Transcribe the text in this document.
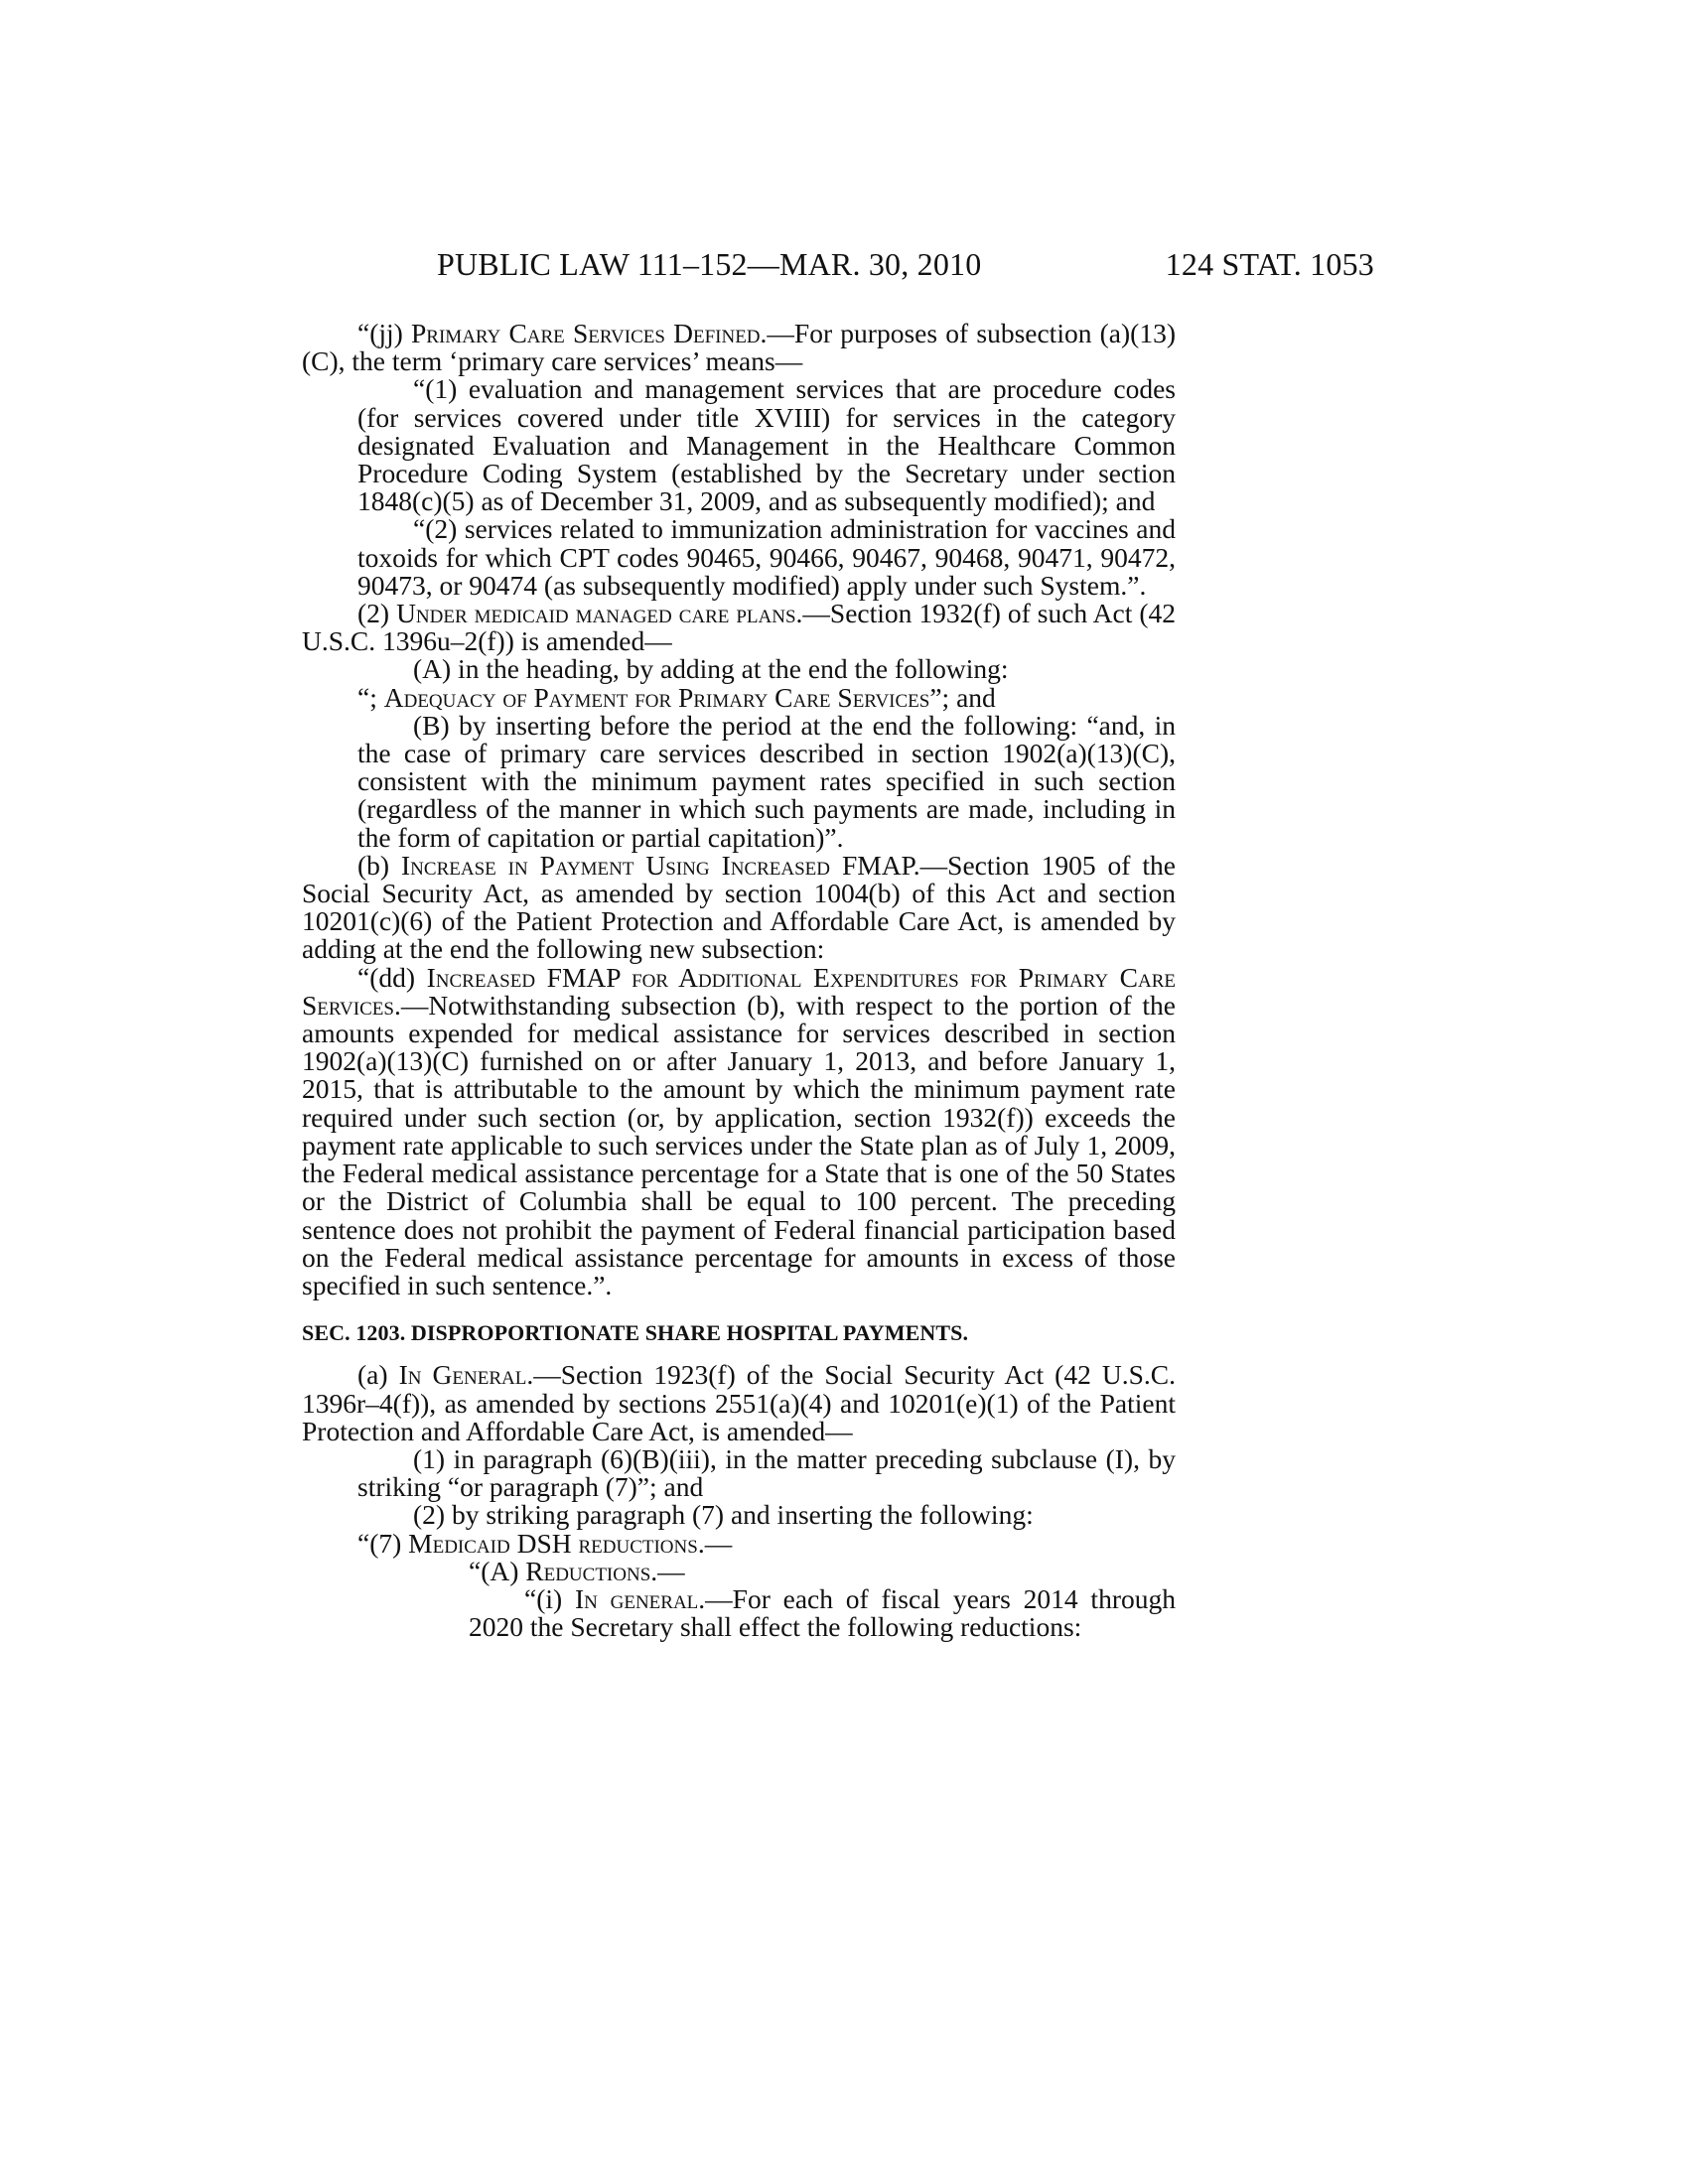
PUBLIC LAW 111–152—MAR. 30, 2010	124 STAT. 1053

“(jj) Primary Care Services Defined.—For purposes of subsection (a)(13)(C), the term ‘primary care services’ means—

“(1) evaluation and management services that are procedure codes (for services covered under title XVIII) for services in the category designated Evaluation and Management in the Healthcare Common Procedure Coding System (established by the Secretary under section 1848(c)(5) as of December 31, 2009, and as subsequently modified); and

“(2) services related to immunization administration for vaccines and toxoids for which CPT codes 90465, 90466, 90467, 90468, 90471, 90472, 90473, or 90474 (as subsequently modified) apply under such System.”.

(2) Under medicaid managed care plans.—Section 1932(f) of such Act (42 U.S.C. 1396u–2(f)) is amended—

(A) in the heading, by adding at the end the following:

“; Adequacy of Payment for Primary Care Services”; and

(B) by inserting before the period at the end the following: “and, in the case of primary care services described in section 1902(a)(13)(C), consistent with the minimum payment rates specified in such section (regardless of the manner in which such payments are made, including in the form of capitation or partial capitation)”.

(b) Increase in Payment Using Increased FMAP.—Section 1905 of the Social Security Act, as amended by section 1004(b) of this Act and section 10201(c)(6) of the Patient Protection and Affordable Care Act, is amended by adding at the end the following new subsection:

“(dd) Increased FMAP for Additional Expenditures for Primary Care Services.—Notwithstanding subsection (b), with respect to the portion of the amounts expended for medical assistance for services described in section 1902(a)(13)(C) furnished on or after January 1, 2013, and before January 1, 2015, that is attributable to the amount by which the minimum payment rate required under such section (or, by application, section 1932(f)) exceeds the payment rate applicable to such services under the State plan as of July 1, 2009, the Federal medical assistance percentage for a State that is one of the 50 States or the District of Columbia shall be equal to 100 percent. The preceding sentence does not prohibit the payment of Federal financial participation based on the Federal medical assistance percentage for amounts in excess of those specified in such sentence.”.

SEC. 1203. DISPROPORTIONATE SHARE HOSPITAL PAYMENTS.

(a) In General.—Section 1923(f) of the Social Security Act (42 U.S.C. 1396r–4(f)), as amended by sections 2551(a)(4) and 10201(e)(1) of the Patient Protection and Affordable Care Act, is amended—

(1) in paragraph (6)(B)(iii), in the matter preceding subclause (I), by striking “or paragraph (7)”; and

(2) by striking paragraph (7) and inserting the following:

“(7) Medicaid DSH reductions.—

“(A) Reductions.—

“(i) In general.—For each of fiscal years 2014 through 2020 the Secretary shall effect the following reductions:
